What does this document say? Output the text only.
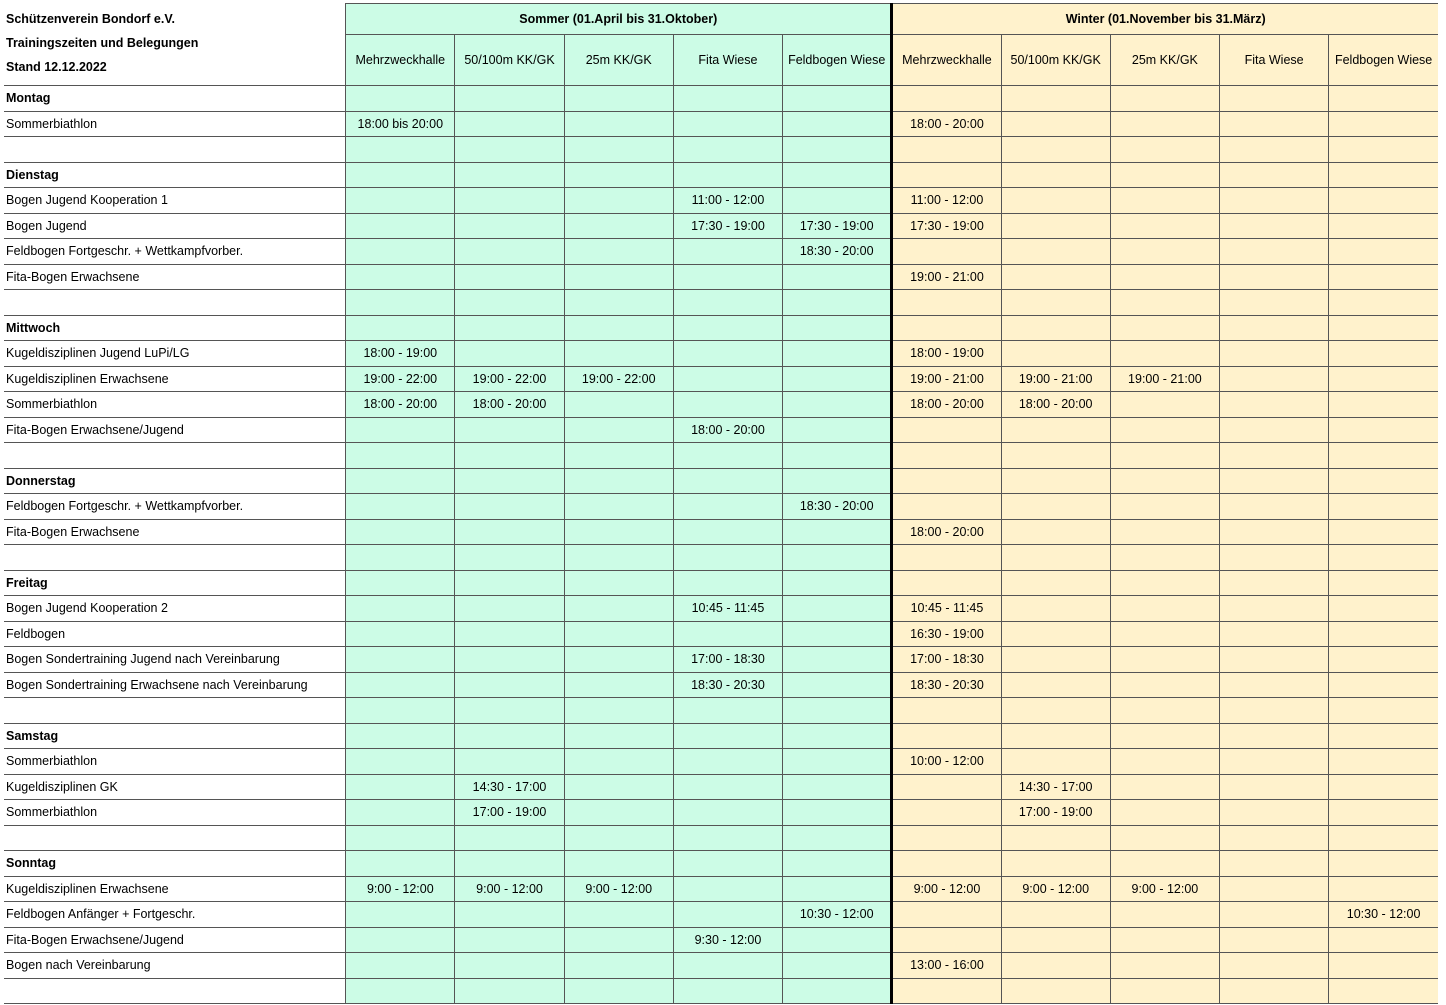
Schützenverein Bondorf e.V.
Trainingszeiten und Belegungen
Stand 12.12.2022	Sommer (01.April bis 31.Oktober)					Winter (01.November bis 31.März)				
	Mehrzweckhalle	50/100m KK/GK	25m KK/GK	Fita Wiese	Feldbogen Wiese	Mehrzweckhalle	50/100m KK/GK	25m KK/GK	Fita Wiese	Feldbogen Wiese
Montag										
Sommerbiathlon	18:00 bis 20:00					18:00 - 20:00				

Dienstag										
Bogen Jugend Kooperation 1				11:00 - 12:00		11:00 - 12:00				
Bogen Jugend				17:30 - 19:00	17:30 - 19:00	17:30 - 19:00				
Feldbogen Fortgeschr. + Wettkampfvorber.					18:30 - 20:00					
Fita-Bogen Erwachsene						19:00 - 21:00				

Mittwoch										
Kugeldisziplinen Jugend LuPi/LG	18:00 - 19:00					18:00 - 19:00				
Kugeldisziplinen Erwachsene	19:00 - 22:00	19:00 - 22:00	19:00 - 22:00			19:00 - 21:00	19:00 - 21:00	19:00 - 21:00		
Sommerbiathlon	18:00 - 20:00	18:00 - 20:00				18:00 - 20:00	18:00 - 20:00			
Fita-Bogen Erwachsene/Jugend				18:00 - 20:00						

Donnerstag										
Feldbogen Fortgeschr. + Wettkampfvorber.					18:30 - 20:00					
Fita-Bogen Erwachsene						18:00 - 20:00				

Freitag										
Bogen Jugend Kooperation 2				10:45 - 11:45		10:45 - 11:45				
Feldbogen						16:30 - 19:00				
Bogen Sondertraining Jugend nach Vereinbarung				17:00 - 18:30		17:00 - 18:30				
Bogen Sondertraining Erwachsene nach Vereinbarung				18:30 - 20:30		18:30 - 20:30				

Samstag										
Sommerbiathlon						10:00 - 12:00				
Kugeldisziplinen GK		14:30 - 17:00					14:30 - 17:00			
Sommerbiathlon		17:00 - 19:00					17:00 - 19:00			

Sonntag										
Kugeldisziplinen Erwachsene	9:00 - 12:00	9:00 - 12:00	9:00 - 12:00			9:00 - 12:00	9:00 - 12:00	9:00 - 12:00		
Feldbogen Anfänger + Fortgeschr.					10:30 - 12:00					10:30 - 12:00
Fita-Bogen Erwachsene/Jugend				9:30 - 12:00						
Bogen nach Vereinbarung						13:00 - 16:00				
